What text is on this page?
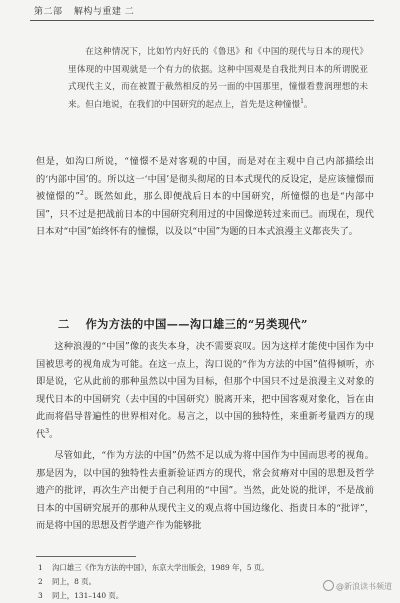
第二部 解构与重建 二

在这种情况下，比如竹内好氏的《鲁迅》和《中国的现代与日本的现代》里体现的中国观就是一个有力的依据。这种中国观是自我批判日本的所谓脱亚式现代主义，而在被置于截然相反的另一面的中国那里，憧憬看豊润理想的未来。但白地说，在我们的中国研究的起点上，首先是这种憧憬$^1$。

但是，如沟口所说，“憧憬不是对客观的中国，而是对在主观中自己内部描绘出的‘内部中国’的。所以这一‘中国’是彻头彻尾的日本式现代的反设定，是应该憧憬而被憧憬的”$^2$。既然如此，那么即便战后日本的中国研究，所憧憬的也是“内部中国”，只不过是把战前日本的中国研究利用过的中国像逆转过来而已。而现在，现代日本对“中国”始终怀有的憧憬，以及以“中国”为题的日本式浪漫主义都丧失了。

二 作为方法的中国——沟口雄三的“另类现代”

这种浪漫的“中国”像的丧失本身，决不需要哀叹。因为这样才能使中国作为中国被思考的视角成为可能。在这一点上，沟口说的“作为方法的中国”值得倾听，亦即是说，它从此前的那种虽然以中国为目标，但那个中国只不过是浪漫主义对象的现代日本的中国研究（去中国的中国研究）脱离开来，把中国客观对象化，旨在由此而将倡导普遍性的世界相对化。易言之，以中国的独特性，来重新考量西方的现代$^3$。

尽管如此，“作为方法的中国”仍然不足以成为将中国作为中国而思考的视角。那是因为，以中国的独特性去重新验证西方的现代，常会贫瘠对中国的思想及哲学遗产的批评，再次生产出便于自己利用的“中国”。当然，此处说的批评，不是战前日本的中国研究展开的那种从现代主义的观点将中国边缘化、指责日本的“批评”，而是将中国的思想及哲学遗产作为能够批

1 沟口雄三《作为方法的中国》，东京大学出版会，1989 年，5 页。
2 同上，8 页。
3 同上，131–140 页。
@新浪读书频道
